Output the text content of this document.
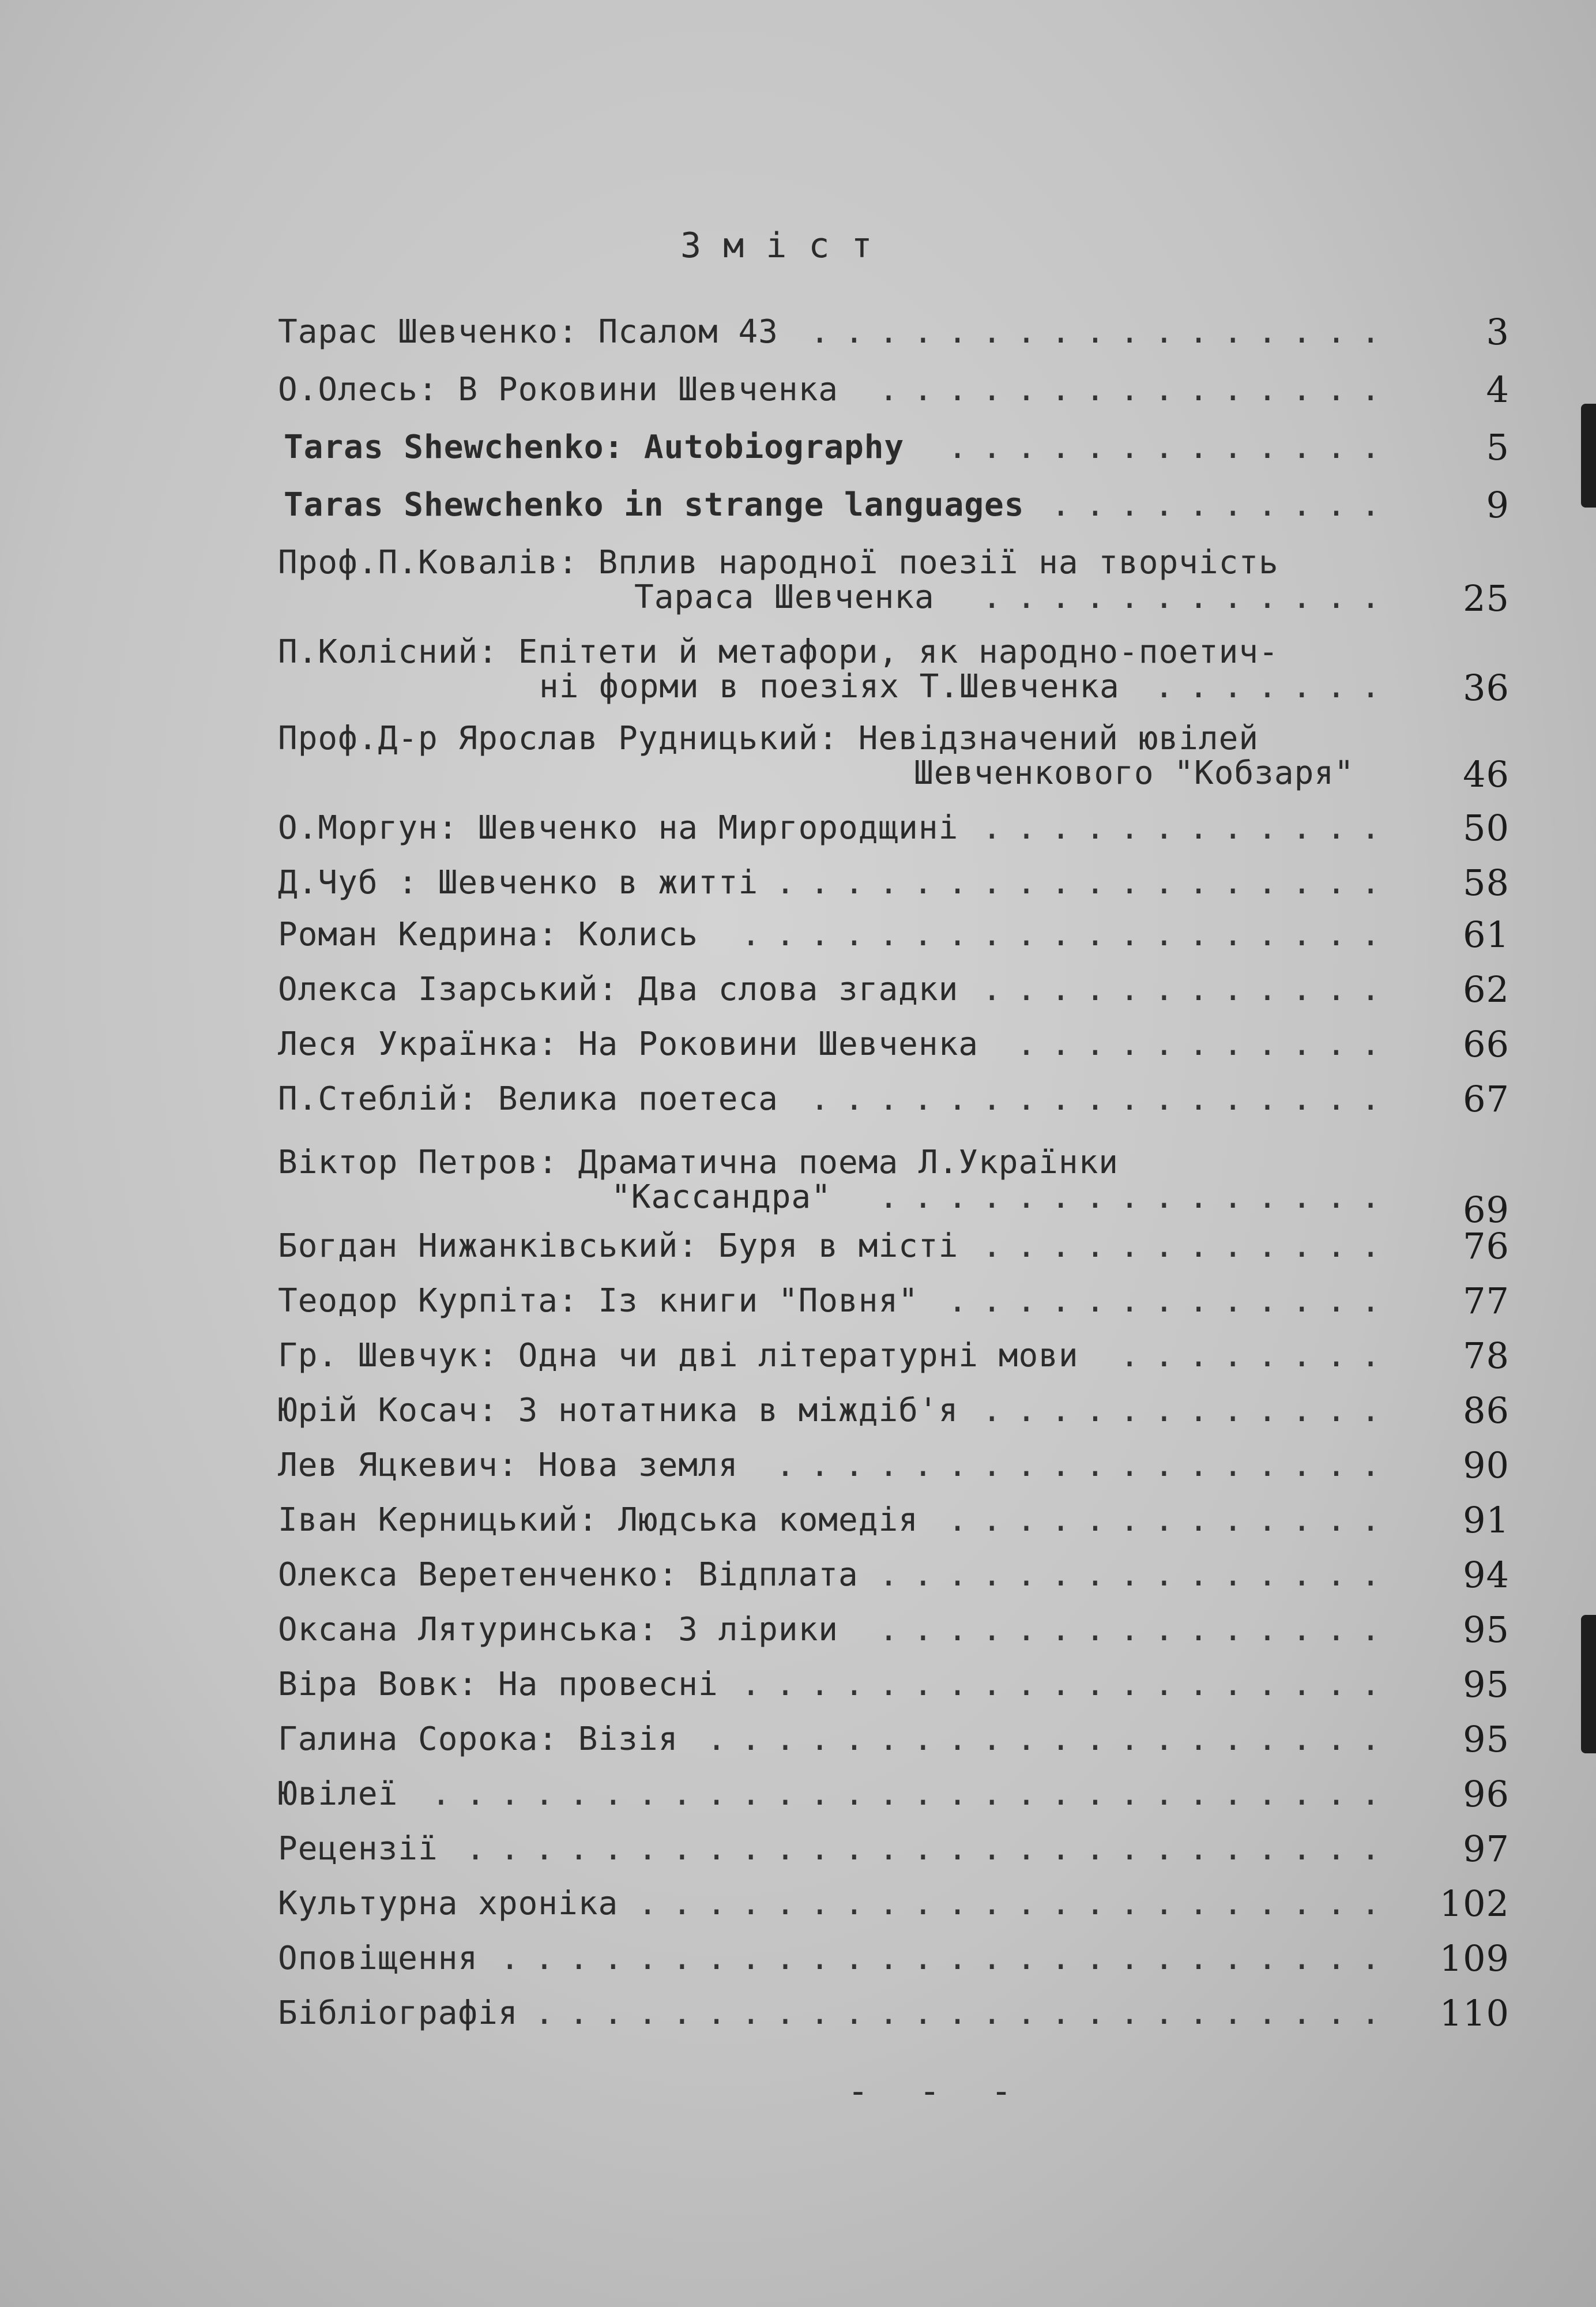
Зміст
Тарас Шевченко: Псалом 43 .................	3
О.Олесь: В Роковини Шевченка ...............	4
Taras Shewchenko: Autobiography .............	5
Taras Shewchenko in strange languages ..........	9
Проф.П.Ковалів: Вплив народної поезії на творчість
Тараса Шевченка ............	25
П.Колісний: Епітети й метафори, як народно-поетич-
ні форми в поезіях Т.Шевченка .......	36
Проф.Д-р Ярослав Рудницький: Невідзначений ювілей
Шевченкового "Кобзаря"	46
О.Моргун: Шевченко на Миргородщині ............	50
Д.Чуб : Шевченко в житті ..................	58
Роман Кедрина: Колись ...................	61
Олекса Ізарський: Два слова згадки ............	62
Леся Українка: На Роковини Шевченка ...........	66
П.Стеблій: Велика поетеса .................	67
Віктор Петров: Драматична поема Л.Українки
"Кассандра" ...............	69
Богдан Нижанківський: Буря в місті ............	76
Теодор Курпіта: Із книги "Повня" .............	77
Гр. Шевчук: Одна чи дві літературні мови ........	78
Юрій Косач: З нотатника в міждіб'я ............	86
Лев Яцкевич: Нова земля ..................	90
Іван Керницький: Людська комедія .............	91
Олекса Веретенченко: Відплата ...............	94
Оксана Лятуринська: З лірики ...............	95
Віра Вовк: На провесні ...................	95
Галина Сорока: Візія ....................	95
Ювілеї ............................	96
Рецензії ...........................	97
Культурна хроніка ......................	102
Оповіщення ..........................	109
Бібліографія .........................	110
- - -
